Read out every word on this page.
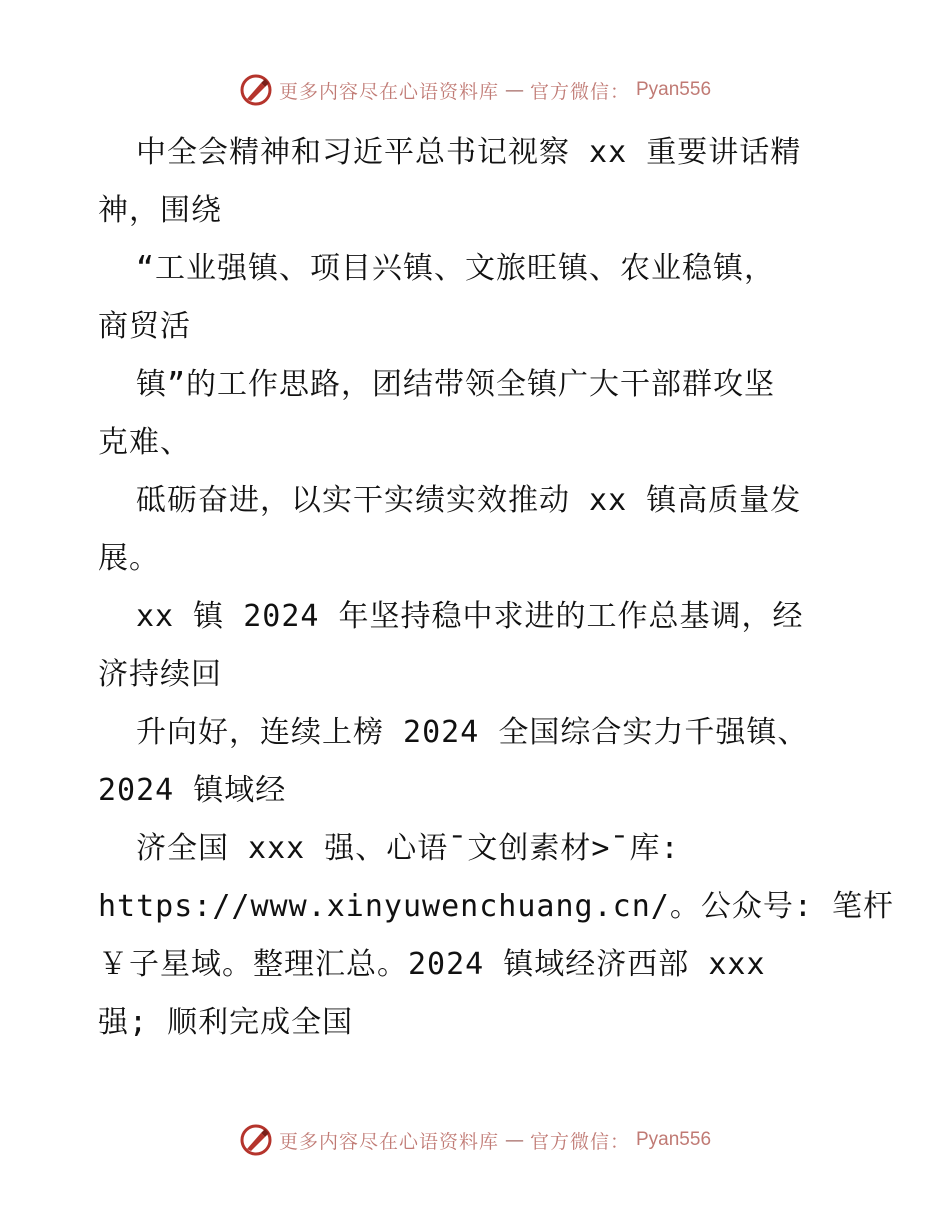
更多内容尽在心语资料库 — 官方微信： Pyan556
中全会精神和习近平总书记视察 xx 重要讲话精
神，围绕
“工业强镇、项目兴镇、文旅旺镇、农业稳镇，
商贸活
镇”的工作思路，团结带领全镇广大干部群攻坚
克难、
砥砺奋进，以实干实绩实效推动 xx 镇高质量发
展。
xx 镇 2024 年坚持稳中求进的工作总基调，经
济持续回
升向好，连续上榜 2024 全国综合实力千强镇、
2024 镇域经
济全国 xxx 强、心语¯文创素材>¯库:
https://www.xinyuwenchuang.cn/。公众号: 笔杆
￥子星域。整理汇总。2024 镇域经济西部 xxx
强; 顺利完成全国
更多内容尽在心语资料库 — 官方微信： Pyan556
